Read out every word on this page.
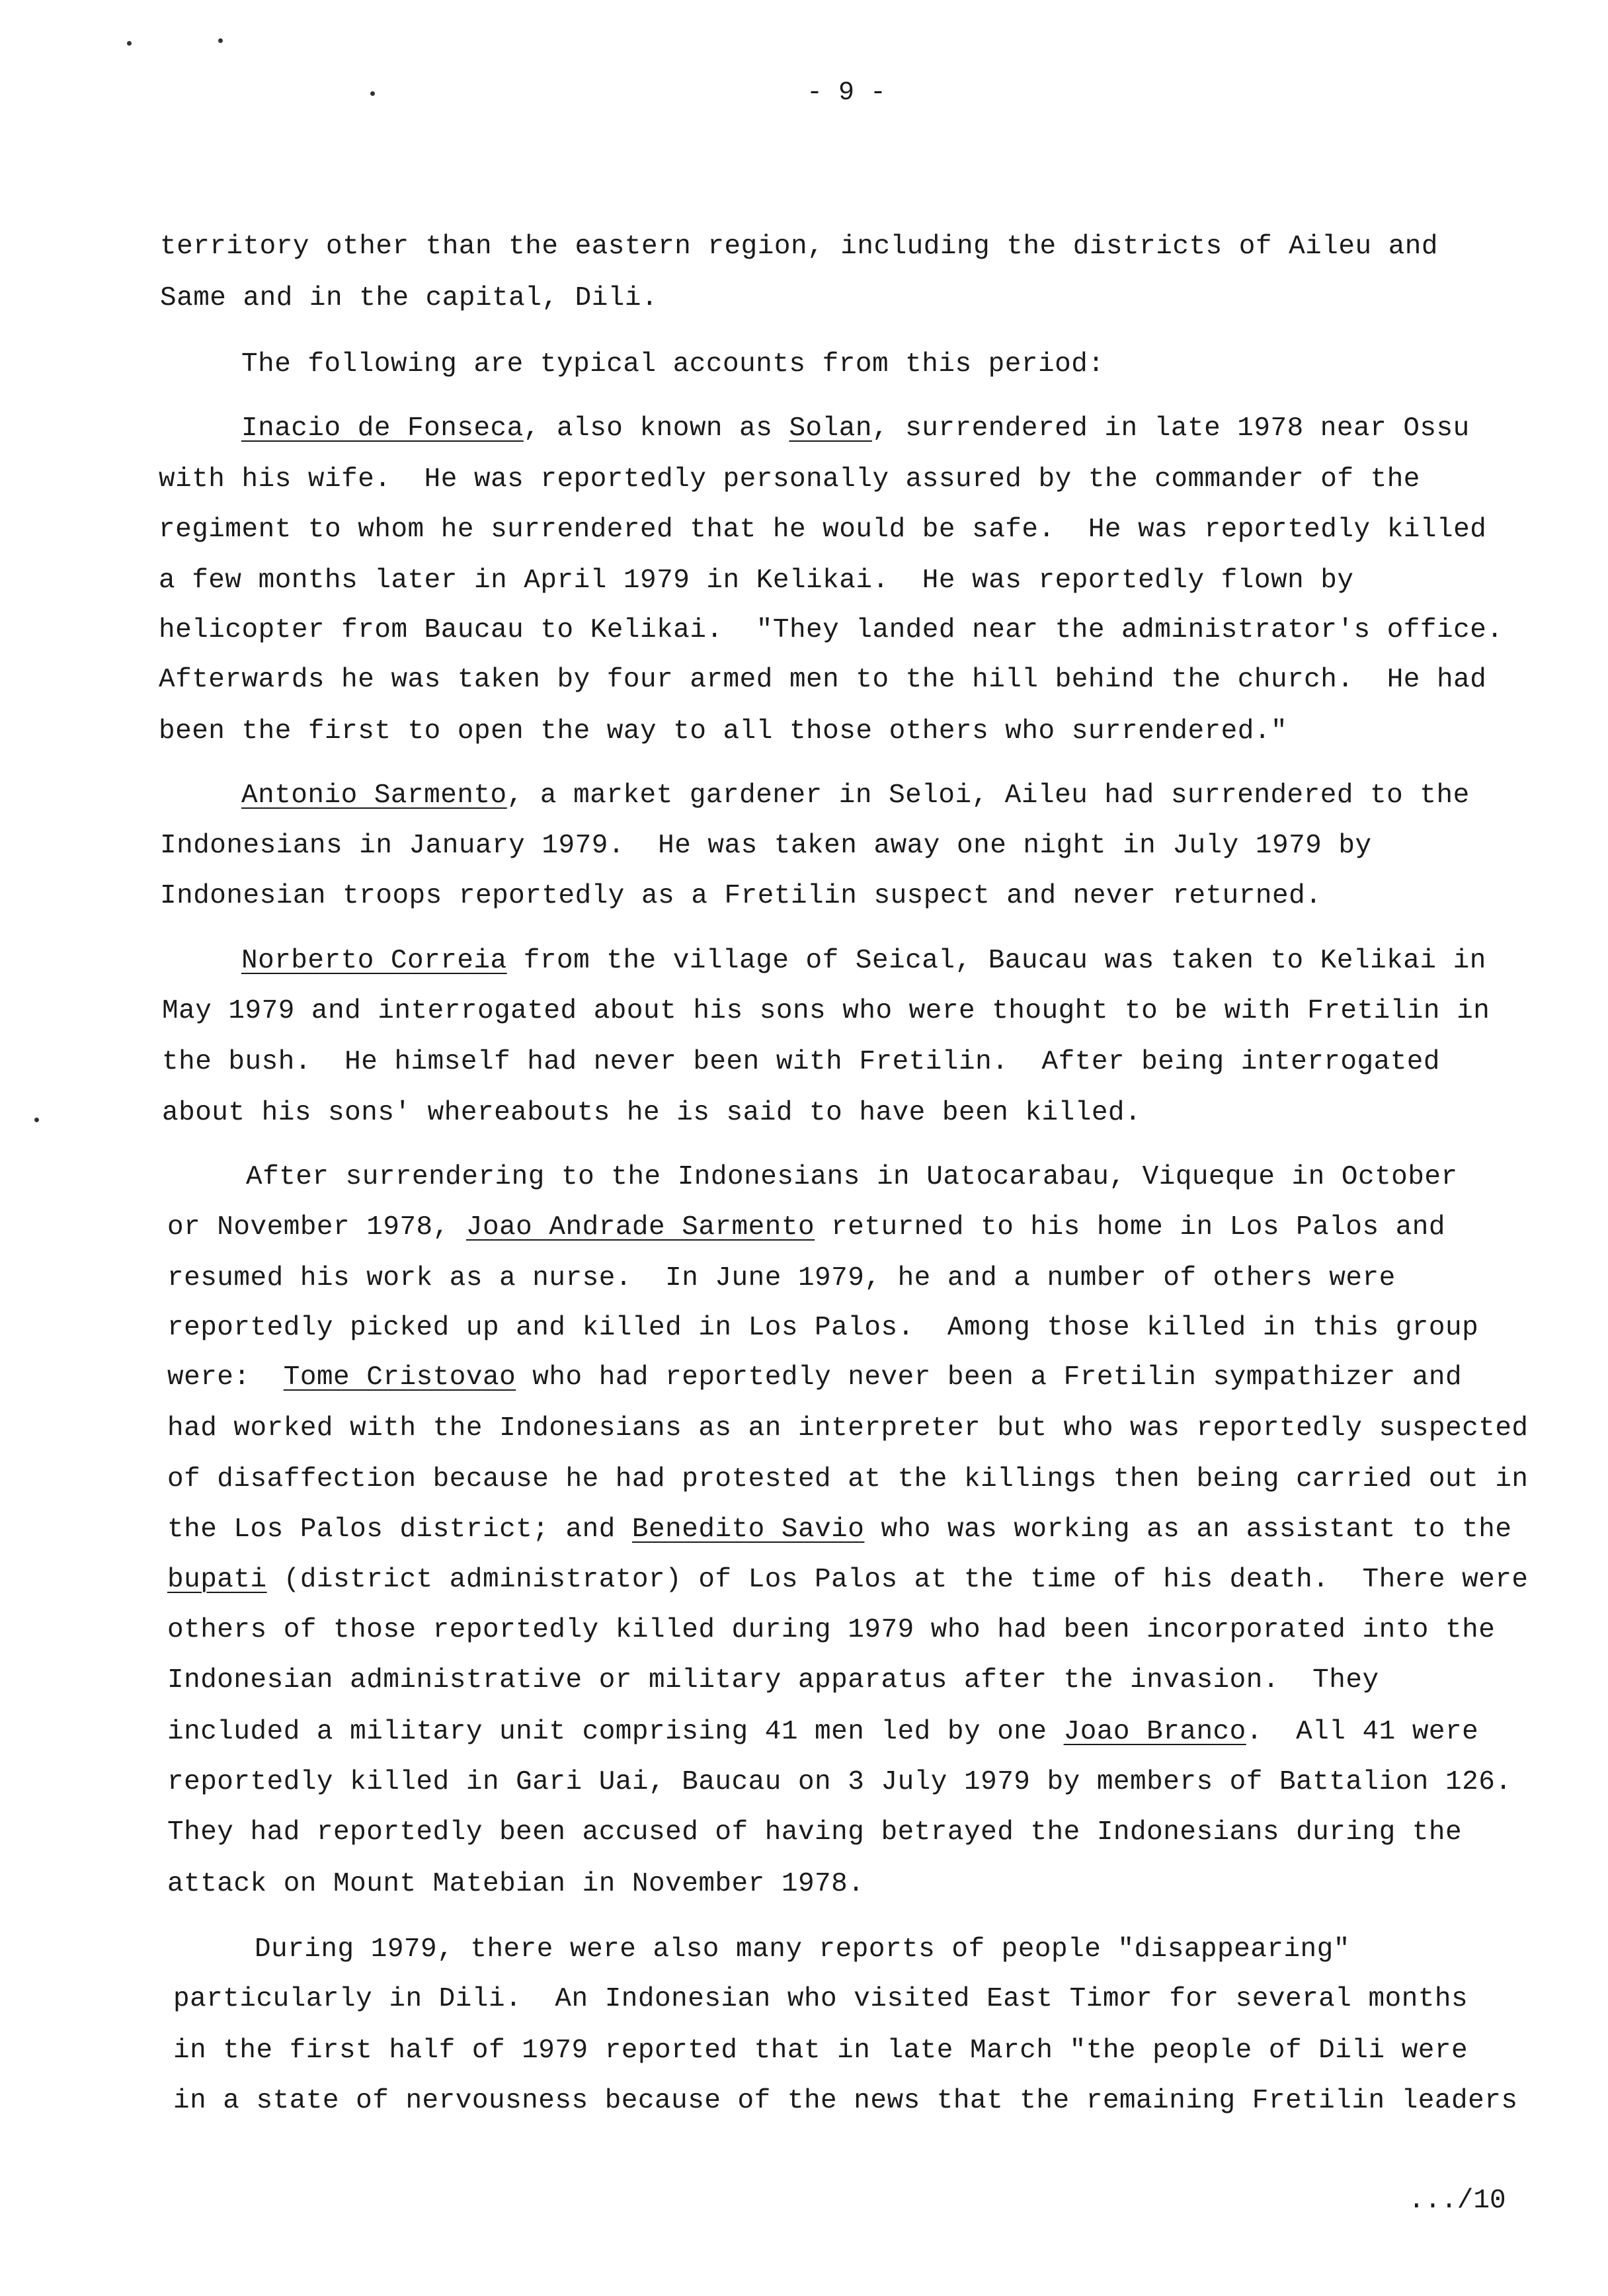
- 9 -
territory other than the eastern region, including the districts of Aileu and
Same and in the capital, Dili.
The following are typical accounts from this period:
Inacio de Fonseca, also known as Solan, surrendered in late 1978 near Ossu
with his wife.  He was reportedly personally assured by the commander of the
regiment to whom he surrendered that he would be safe.  He was reportedly killed
a few months later in April 1979 in Kelikai.  He was reportedly flown by
helicopter from Baucau to Kelikai.  "They landed near the administrator's office.
Afterwards he was taken by four armed men to the hill behind the church.  He had
been the first to open the way to all those others who surrendered."
Antonio Sarmento, a market gardener in Seloi, Aileu had surrendered to the
Indonesians in January 1979.  He was taken away one night in July 1979 by
Indonesian troops reportedly as a Fretilin suspect and never returned.
Norberto Correia from the village of Seical, Baucau was taken to Kelikai in
May 1979 and interrogated about his sons who were thought to be with Fretilin in
the bush.  He himself had never been with Fretilin.  After being interrogated
about his sons' whereabouts he is said to have been killed.
After surrendering to the Indonesians in Uatocarabau, Viqueque in October
or November 1978, Joao Andrade Sarmento returned to his home in Los Palos and
resumed his work as a nurse.  In June 1979, he and a number of others were
reportedly picked up and killed in Los Palos.  Among those killed in this group
were:  Tome Cristovao who had reportedly never been a Fretilin sympathizer and
had worked with the Indonesians as an interpreter but who was reportedly suspected
of disaffection because he had protested at the killings then being carried out in
the Los Palos district; and Benedito Savio who was working as an assistant to the
bupati (district administrator) of Los Palos at the time of his death.  There were
others of those reportedly killed during 1979 who had been incorporated into the
Indonesian administrative or military apparatus after the invasion.  They
included a military unit comprising 41 men led by one Joao Branco.  All 41 were
reportedly killed in Gari Uai, Baucau on 3 July 1979 by members of Battalion 126.
They had reportedly been accused of having betrayed the Indonesians during the
attack on Mount Matebian in November 1978.
During 1979, there were also many reports of people "disappearing"
particularly in Dili.  An Indonesian who visited East Timor for several months
in the first half of 1979 reported that in late March "the people of Dili were
in a state of nervousness because of the news that the remaining Fretilin leaders
.../10
